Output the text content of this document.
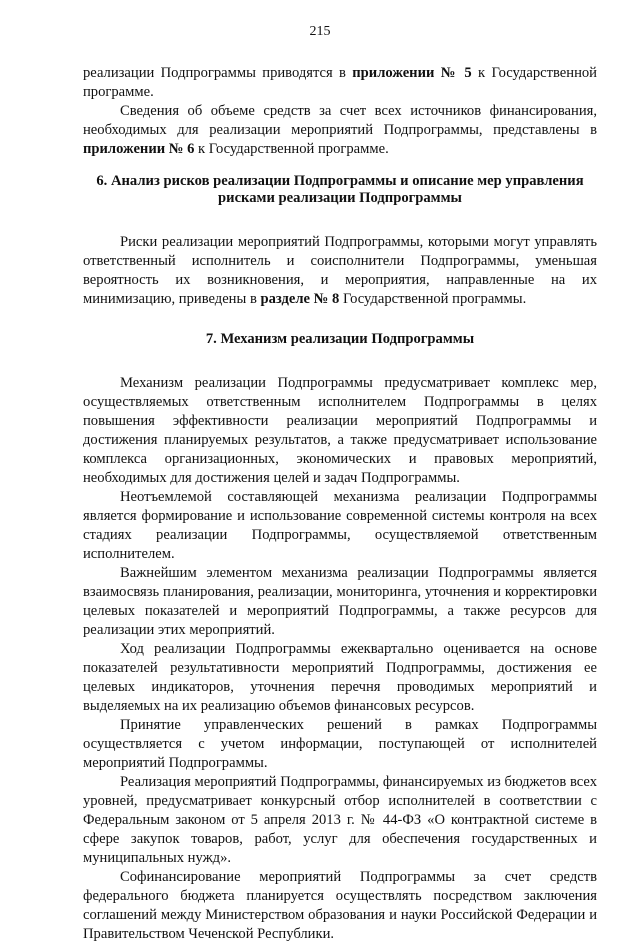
215

реализации Подпрограммы приводятся в приложении № 5 к Государственной программе.

Сведения об объеме средств за счет всех источников финансирования, необходимых для реализации мероприятий Подпрограммы, представлены в приложении № 6 к Государственной программе.

6. Анализ рисков реализации Подпрограммы и описание мер управления рисками реализации Подпрограммы

Риски реализации мероприятий Подпрограммы, которыми могут управлять ответственный исполнитель и соисполнители Подпрограммы, уменьшая вероятность их возникновения, и мероприятия, направленные на их минимизацию, приведены в разделе № 8 Государственной программы.

7. Механизм реализации Подпрограммы

Механизм реализации Подпрограммы предусматривает комплекс мер, осуществляемых ответственным исполнителем Подпрограммы в целях повышения эффективности реализации мероприятий Подпрограммы и достижения планируемых результатов, а также предусматривает использование комплекса организационных, экономических и правовых мероприятий, необходимых для достижения целей и задач Подпрограммы.

Неотъемлемой составляющей механизма реализации Подпрограммы является формирование и использование современной системы контроля на всех стадиях реализации Подпрограммы, осуществляемой ответственным исполнителем.

Важнейшим элементом механизма реализации Подпрограммы является взаимосвязь планирования, реализации, мониторинга, уточнения и корректировки целевых показателей и мероприятий Подпрограммы, а также ресурсов для реализации этих мероприятий.

Ход реализации Подпрограммы ежеквартально оценивается на основе показателей результативности мероприятий Подпрограммы, достижения ее целевых индикаторов, уточнения перечня проводимых мероприятий и выделяемых на их реализацию объемов финансовых ресурсов.

Принятие управленческих решений в рамках Подпрограммы осуществляется с учетом информации, поступающей от исполнителей мероприятий Подпрограммы.

Реализация мероприятий Подпрограммы, финансируемых из бюджетов всех уровней, предусматривает конкурсный отбор исполнителей в соответствии с Федеральным законом от 5 апреля 2013 г. № 44-ФЗ «О контрактной системе в сфере закупок товаров, работ, услуг для обеспечения государственных и муниципальных нужд».

Софинансирование мероприятий Подпрограммы за счет средств федерального бюджета планируется осуществлять посредством заключения соглашений между Министерством образования и науки Российской Федерации и Правительством Чеченской Республики.
